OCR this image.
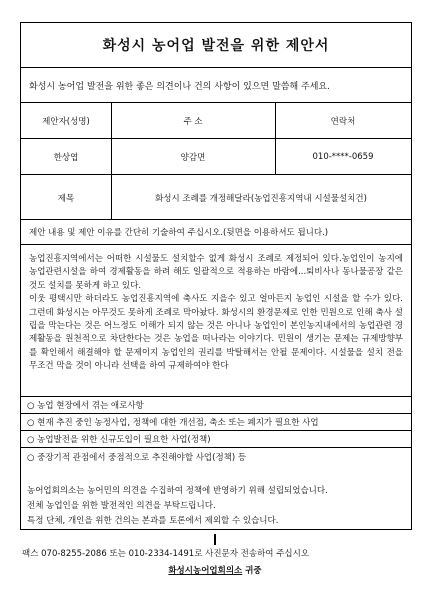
화성시 농어업 발전을 위한 제안서
화성시 농어업 발전을 위한 좋은 의견이나 건의 사항이 있으면 말씀해 주세요.
제안자(성명)	주 소	연락처
한상엽	양감면	010-****-0659
제목	화성시 조례를 개정해달라(농업진흥지역내 시설물설치건)
제안 내용 및 제안 이유를 간단히 기술하여 주십시오.(뒷면을 이용하셔도 됩니다.)

농업진흥지역에서는 어떠한 시설물도 설치할수 없게 화성시 조례로 제정되어 있다.농업인이 농지에 농업관련시설을 하여 경제활동을 하려 해도 일괄적으로 적용하는 바람에...퇴비사나 동나물공장 같은 것도 설치를 못하게 하고 있다.

이웃 평택시만 하더라도 농업진흥지역에 축사도 지을수 있고 얼마든지 농업인 시설을 할 수가 있다. 그런데 화성시는 아무것도 못하게 조례로 막아놨다. 화성시의 환경문제로 인한 민원으로 인해 축사 설립을 막는다는 것은 어느정도 이해가 되지 않는 것은 아니나 농업인이 본인농지내에서의 농업관련 경제활동을 원천적으로 차단한다는 것은 농업을 떠나라는 이야기다. 민원이 생기는 문제는 규제방향부를 확인해서 해결해야 할 문제이지 농업인의 권리를 박탈해서는 안될 문제이다. 시설물을 설치 전을 무조건 막을 것이 아니라 선택을 하여 규제하여야 한다

○ 농업 현장에서 겪는 애로사항
○ 현재 추진 중인 농정사업, 정책에 대한 개선점, 축소 또는 폐지가 필요한 사업
○ 농업발전을 위한 신규도입이 필요한 사업(정책)
○ 중장기적 관점에서 중점적으로 추진해야할 사업(정책) 등

농어업회의소는 농어민의 의견을 수집하여 정책에 반영하기 위해 설립되었습니다.

전체 농업인을 위한 발전적인 의견을 부탁드립니다.

특정 단체, 개인을 위한 건의는 본과를 토론에서 제외할 수 있습니다.

팩스 070-8255-2086 또는 010-2334-1491로 사진문자 전송하여 주십시오
화성시농어업회의소 귀중
